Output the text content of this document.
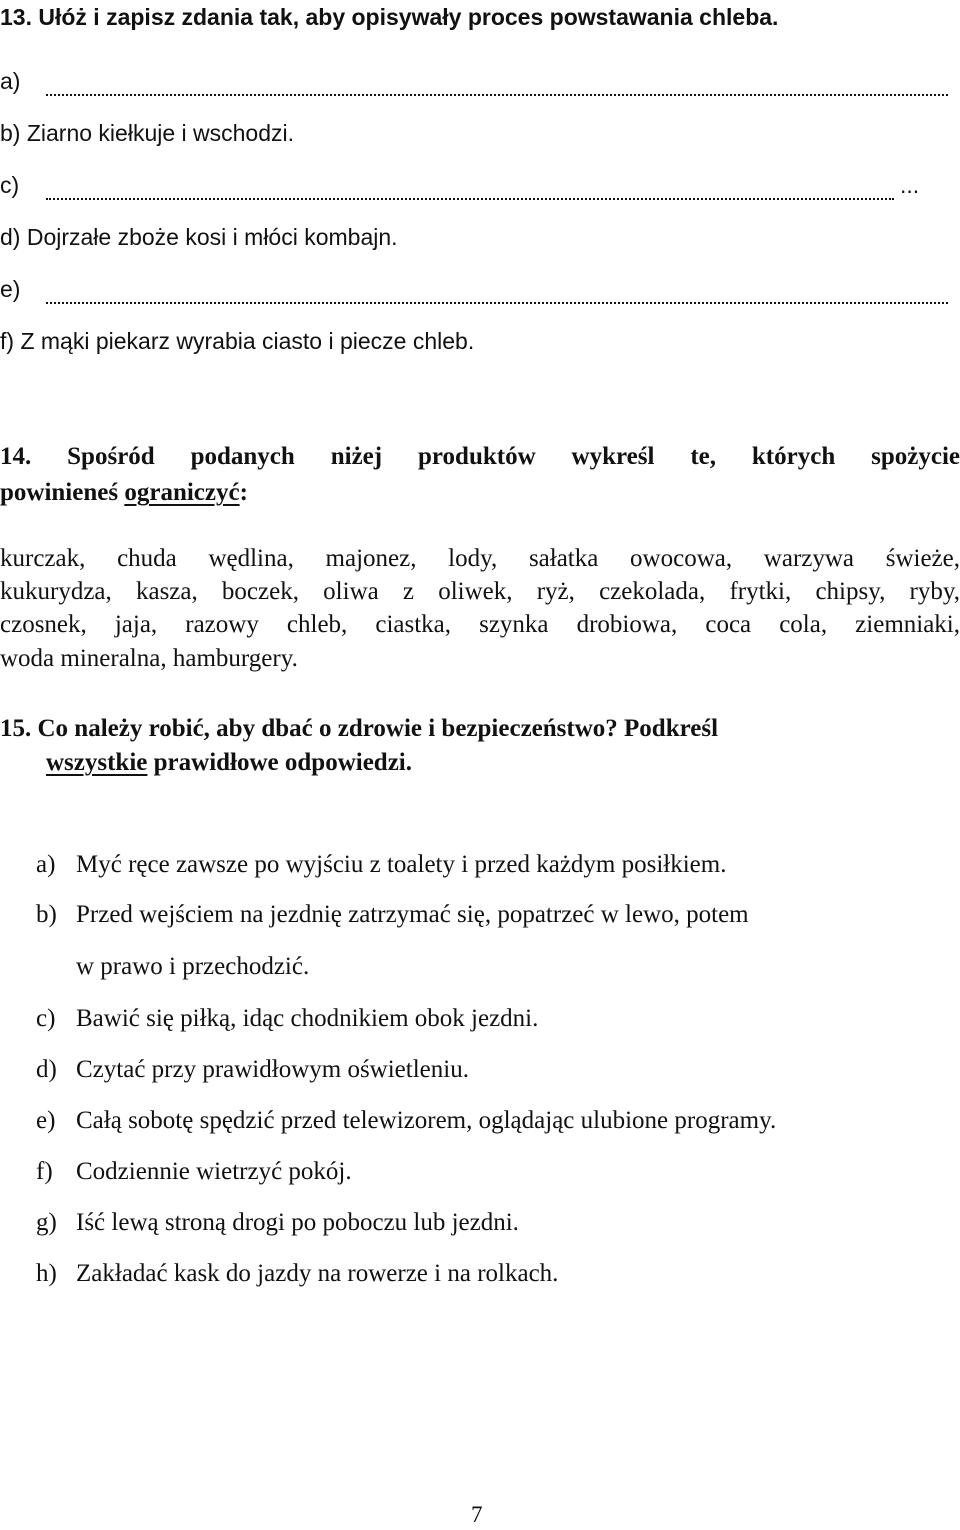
13. Ułóż i zapisz zdania tak, aby opisywały proces powstawania chleba.
a)
b) Ziarno kiełkuje i wschodzi.
c)	...
d) Dojrzałe zboże kosi i młóci kombajn.
e)
f) Z mąki piekarz wyrabia ciasto i piecze chleb.
14. Spośród podanych niżej produktów wykreśl te, których spożycie
powinieneś ograniczyć:
kurczak, chuda wędlina, majonez, lody, sałatka owocowa, warzywa świeże,
kukurydza, kasza, boczek, oliwa z oliwek, ryż, czekolada, frytki, chipsy, ryby,
czosnek, jaja, razowy chleb, ciastka, szynka drobiowa, coca cola, ziemniaki,
woda mineralna, hamburgery.
15. Co należy robić, aby dbać o zdrowie i bezpieczeństwo? Podkreśl
wszystkie prawidłowe odpowiedzi.
a) Myć ręce zawsze po wyjściu z toalety i przed każdym posiłkiem.
b) Przed wejściem na jezdnię zatrzymać się, popatrzeć w lewo, potem
w prawo i przechodzić.
c) Bawić się piłką, idąc chodnikiem obok jezdni.
d) Czytać przy prawidłowym oświetleniu.
e) Całą sobotę spędzić przed telewizorem, oglądając ulubione programy.
f) Codziennie wietrzyć pokój.
g) Iść lewą stroną drogi po poboczu lub jezdni.
h) Zakładać kask do jazdy na rowerze i na rolkach.
7
